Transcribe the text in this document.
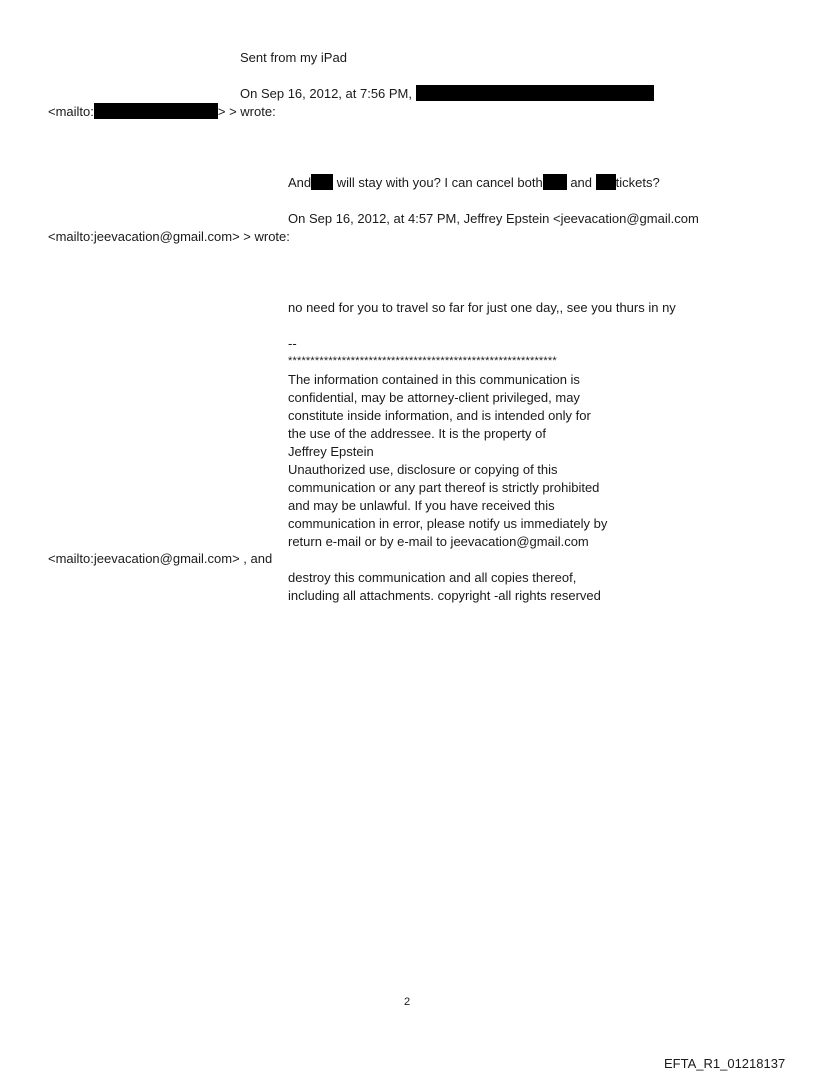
Sent from my iPad
On Sep 16, 2012, at 7:56 PM,
<mailto:	> > wrote:
And will stay with you? I can cancel both and tickets?
On Sep 16, 2012, at 4:57 PM, Jeffrey Epstein <jeevacation@gmail.com
<mailto:jeevacation@gmail.com> > wrote:
no need for you to travel so far for just one day,, see you thurs in ny
--
************************************************************
The information contained in this communication is
confidential, may be attorney-client privileged, may
constitute inside information, and is intended only for
the use of the addressee. It is the property of
Jeffrey Epstein
Unauthorized use, disclosure or copying of this
communication or any part thereof is strictly prohibited
and may be unlawful. If you have received this
communication in error, please notify us immediately by
return e-mail or by e-mail to jeevacation@gmail.com
<mailto:jeevacation@gmail.com> , and
destroy this communication and all copies thereof,
including all attachments. copyright -all rights reserved
2
EFTA_R1_01218137
